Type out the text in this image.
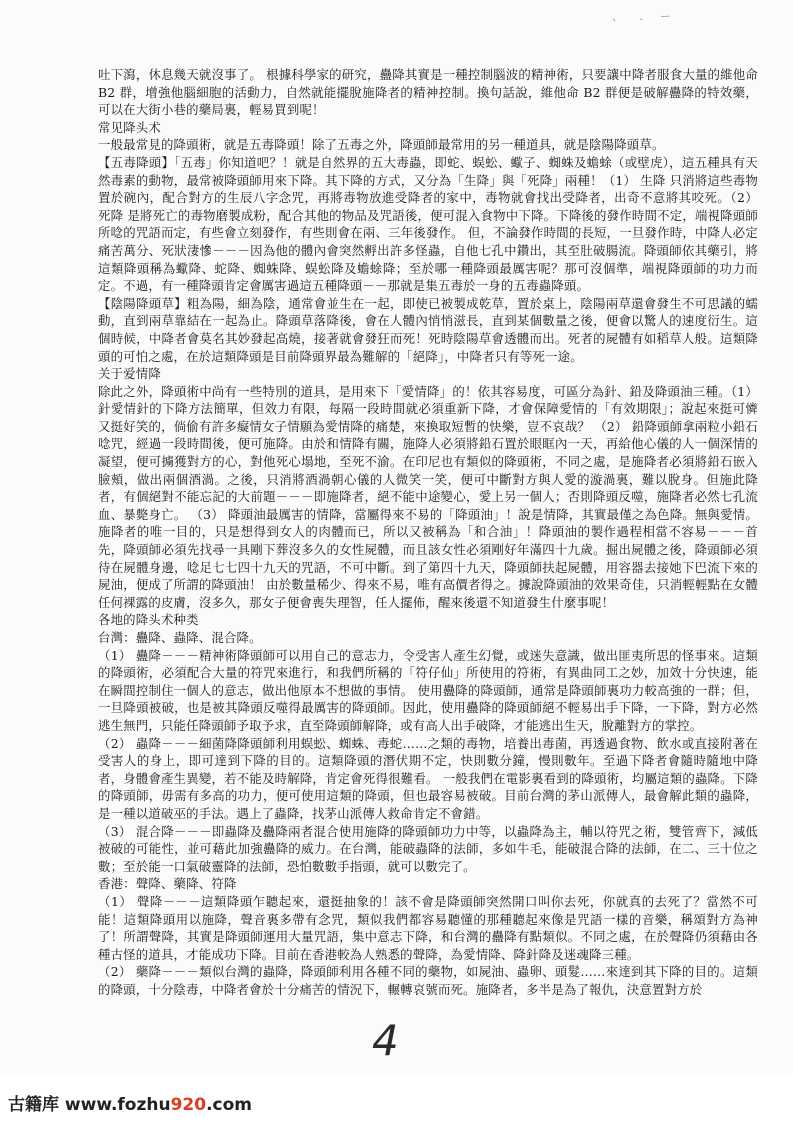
、　　. ー

吐下瀉，休息幾天就沒事了。 根據科學家的研究，蠱降其實是一種控制腦波的精神術，只要讓中降者服食大量的維他命 B2 群，增強他腦細胞的活動力，自然就能擺脫施降者的精神控制。換句話說，維他命 B2 群便是破解蠱降的特效藥，可以在大街小巷的藥局裏，輕易買到呢！

常见降头术

一般最常見的降頭術，就是五毒降頭！除了五毒之外，降頭師最常用的另一種道具，就是陰陽降頭草。

【五毒降頭】「五毒」你知道吧？！就是自然界的五大毒蟲，即蛇、蜈蚣、蠍子、蜘蛛及蟾蜍（或壁虎），這五種具有天然毒素的動物，最常被降頭師用來下降。其下降的方式，又分為「生降」與「死降」兩種！（1） 生降 只消將這些毒物置於碗內，配合對方的生辰八字念咒，再將毒物放進受降者的家中，毒物就會找出受降者，出奇不意將其咬死。（2） 死降 是將死亡的毒物磨製成粉，配合其他的物品及咒語後，便可混入食物中下降。下降後的發作時間不定，端視降頭師所唸的咒語而定，有些會立刻發作，有些則會在兩、三年後發作。 但，不論發作時間的長短，一旦發作時，中降人必定痛苦萬分、死狀淒慘－－－因為他的體內會突然孵出許多怪蟲，自他七孔中鑽出，其至肚破腸流。降頭師依其藥引，將這類降頭稱為蠍降、蛇降、蜘蛛降、蜈蚣降及蟾蜍降；至於哪一種降頭最厲害呢？那可沒個準，端視降頭師的功力而定。不過，有一種降頭肯定會厲害過這五種降頭－－那就是集五毒於一身的五毒蟲降頭。

【陰陽降頭草】粗為陽，細為陰，通常會並生在一起，即使已被製成乾草，置於桌上，陰陽兩草還會發生不可思議的蠕動，直到兩草靠結在一起為止。降頭草落降後，會在人體內悄悄滋長，直到某個數量之後，便會以驚人的速度衍生。這個時候，中降者會莫名其妙發起高燒，接著就會發狂而死！死時陰陽草會透體而出。死者的屍體有如稻草人般。這類降頭的可怕之處，在於這類降頭是目前降頭界最為難解的「絕降」，中降者只有等死一途。

关于爱情降

除此之外，降頭術中尚有一些特別的道具，是用來下「愛情降」的！依其容易度，可區分為針、鉛及降頭油三種。（1） 針愛情針的下降方法簡單，但效力有限，每隔一段時間就必須重新下降，才會保障愛情的「有效期限」；說起來挺可憐又挺好笑的，倘偷有許多癡情女子情願為愛情降的痛楚，來換取短暫的快樂，豈不哀哉？ （2） 鉛降頭師拿兩粒小鉛石唸咒，經過一段時間後，便可施降。由於和情降有關，施降人必須將鉛石置於眼眶內一天，再給他心儀的人一個深情的凝望，便可擄獲對方的心，對他死心塌地，至死不渝。在印尼也有類似的降頭術，不同之處，是施降者必須將鉛石嵌入臉頰，做出兩個酒渦。之後，只消將酒渦朝心儀的人微笑一笑，便可中斷對方與人愛的漩渦裏，難以脫身。但施此降者，有個絕對不能忘記的大前題－－－即施降者，絕不能中途變心，愛上另一個人；否則降頭反噬，施降者必然七孔流血、暴斃身亡。 （3） 降頭油最厲害的情降，當屬得來不易的「降頭油」！說是情降，其實最僅之為色降。無與愛情。施降者的唯一目的，只是想得到女人的肉體而已，所以又被稱為「和合油」！降頭油的製作過程相當不容易－－－首先，降頭師必須先找尋一具剛下葬沒多久的女性屍體，而且該女性必須剛好年滿四十九歲。掘出屍體之後，降頭師必須待在屍體身邊，唸足七七四十九天的咒語，不可中斷。到了第四十九天，降頭師扶起屍體，用容器去接她下巴流下來的屍油，便成了所謂的降頭油！ 由於數量稀少、得來不易，唯有高價者得之。據說降頭油的效果奇佳，只消輕輕點在女體任何裸露的皮膚，沒多久，那女子便會喪失理智，任人擺佈，醒來後還不知道發生什麼事呢！

各地的降头术种类

台灣：蠱降、蟲降、混合降。

（1） 蠱降－－－精神術降頭師可以用自己的意志力，令受害人產生幻覺，或迷失意識，做出匪夷所思的怪事來。這類的降頭術，必須配合大量的符咒來進行，和我們所稱的「符仔仙」所使用的符術，有異曲同工之妙，加效十分快速，能在瞬間控制住一個人的意志，做出他原本不想做的事情。 使用蠱降的降頭師，通常是降頭師裏功力較高強的一群；但，一旦降頭被破，也是被其降頭反噬得最厲害的降頭師。因此，使用蠱降的降頭師絕不輕易出手下降，一下降，對方必然逃生無門，只能任降頭師予取予求，直至降頭師解降，或有高人出手破降，才能逃出生天，脫離對方的掌控。

（2） 蟲降－－－細菌降降頭師利用蜈蚣、蜘蛛、毒蛇……之類的毒物，培養出毒菌，再透過食物、飲水或直接附著在受害人的身上，即可達到下降的目的。這類降頭的潛伏期不定，快則數分鐘，慢則數年。至過下降者會隨時隨地中降者，身體會產生異變，若不能及時解降，肯定會死得很難看。 一般我們在電影裏看到的降頭術，均屬這類的蟲降。下降的降頭師，毋需有多高的功力，便可使用這類的降頭，但也最容易被破。目前台灣的茅山派傳人，最會解此類的蟲降，是一種以道破巫的手法。遇上了蟲降，找茅山派傳人救命肯定不會錯。

（3） 混合降－－－即蟲降及蠱降兩者混合使用施降的降頭師功力中等，以蟲降為主，輔以符咒之術，雙管齊下，減低被破的可能性，並可藉此加強蠱降的威力。在台灣，能破蟲降的法師，多如牛毛，能破混合降的法師，在二、三十位之數；至於能一口氣破靈降的法師，恐怕數數手指頭，就可以數完了。

香港：聲降、藥降、符降

（1） 聲降－－－這類降頭乍聽起來，還挺抽象的！該不會是降頭師突然開口叫你去死，你就真的去死了？當然不可能！這類降頭用以施降，聲音裏多帶有念咒，類似我們都容易聽懂的那種聽起來像是咒語一樣的音樂，稱頌對方為神了！所謂聲降，其實是降頭師運用大量咒語，集中意志下降，和台灣的蠱降有點類似。不同之處，在於聲降仍須藉由各種古怪的道具，才能成功下降。目前在香港較為人熟悉的聲降，為愛情降、降針降及迷魂降三種。

（2） 藥降－－－類似台灣的蟲降，降頭師利用各種不同的藥物，如屍油、蟲卵、頭髮……來達到其下降的目的。這類的降頭，十分陰毒，中降者會於十分痛苦的情況下，輾轉哀號而死。施降者，多半是為了報仇，決意置對方於

4
古籍库 www.fozhu920.com
